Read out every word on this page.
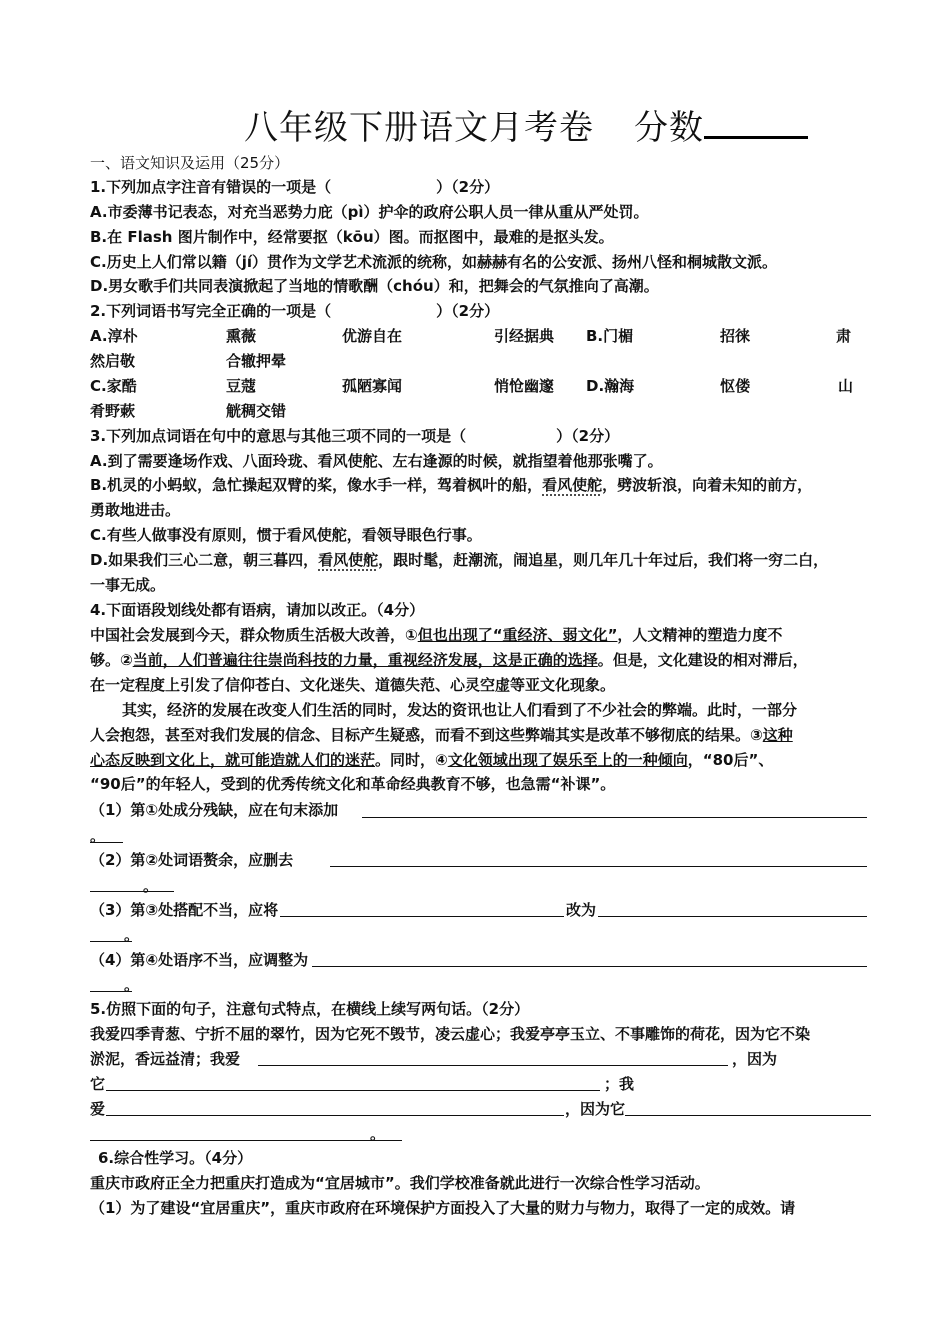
八年级下册语文月考卷 分数
一、语文知识及运用（25分）
1.下列加点字注音有错误的一项是（　　　　　　　）（2分）
A.市委薄书记表态，对充当恶势力庇（pì）护伞的政府公职人员一律从重从严处罚。
B.在 Flash 图片制作中，经常要抠（kōu）图。而抠图中，最难的是抠头发。
C.历史上人们常以籍（jí）贯作为文学艺术流派的统称，如赫赫有名的公安派、扬州八怪和桐城散文派。
D.男女歌手们共同表演掀起了当地的情歌酬（chóu）和，把舞会的气氛推向了高潮。
2.下列词语书写完全正确的一项是（　　　　　　　）（2分）
A.淳朴	熏薇	优游自在	引经据典 B.门楣	招徕	肃
然启敬	合辙押晕
C.家酷	豆蔻	孤陋寡闻	悄怆幽邃 D.瀚海	怄偻	山
肴野蔌	觥稠交错
3.下列加点词语在句中的意思与其他三项不同的一项是（　　　　　　）（2分）
A.到了需要逢场作戏、八面玲珑、看风使舵、左右逢源的时候，就指望着他那张嘴了。
B.机灵的小蚂蚁，急忙操起双臂的桨，像水手一样，驾着枫叶的船，看风使舵，劈波斩浪，向着未知的前方，
勇敢地进击。
C.有些人做事没有原则，惯于看风使舵，看领导眼色行事。
D.如果我们三心二意，朝三暮四，看风使舵，跟时髦，赶潮流，闹追星，则几年几十年过后，我们将一穷二白，
一事无成。
4.下面语段划线处都有语病，请加以改正。（4分）
中国社会发展到今天，群众物质生活极大改善，①但也出现了“重经济、弱文化”，人文精神的塑造力度不
够。②当前，人们普遍往往崇尚科技的力量，重视经济发展，这是正确的选择。但是，文化建设的相对滞后，
在一定程度上引发了信仰苍白、文化迷失、道德失范、心灵空虚等亚文化现象。
其实，经济的发展在改变人们生活的同时，发达的资讯也让人们看到了不少社会的弊端。此时，一部分
人会抱怨，甚至对我们发展的信念、目标产生疑惑，而看不到这些弊端其实是改革不够彻底的结果。③这种
心态反映到文化上，就可能造就人们的迷茫。同时，④文化领域出现了娱乐至上的一种倾向，“80后”、
“90后”的年轻人，受到的优秀传统文化和革命经典教育不够，也急需“补课”。
（1）第①处成分残缺，应在句末添加
。
（2）第②处词语赘余，应删去
。
（3）第③处搭配不当，应将	改为
。
（4）第④处语序不当，应调整为
。
5.仿照下面的句子，注意句式特点，在横线上续写两句话。（2分）
我爱四季青葱、宁折不屈的翠竹，因为它死不毁节，凌云虚心；我爱亭亭玉立、不事雕饰的荷花，因为它不染
淤泥，香远益清；我爱	，因为
它	；我
爱	，因为它
。
6.综合性学习。（4分）
重庆市政府正全力把重庆打造成为“宜居城市”。我们学校准备就此进行一次综合性学习活动。
（1）为了建设“宜居重庆”，重庆市政府在环境保护方面投入了大量的财力与物力，取得了一定的成效。请
